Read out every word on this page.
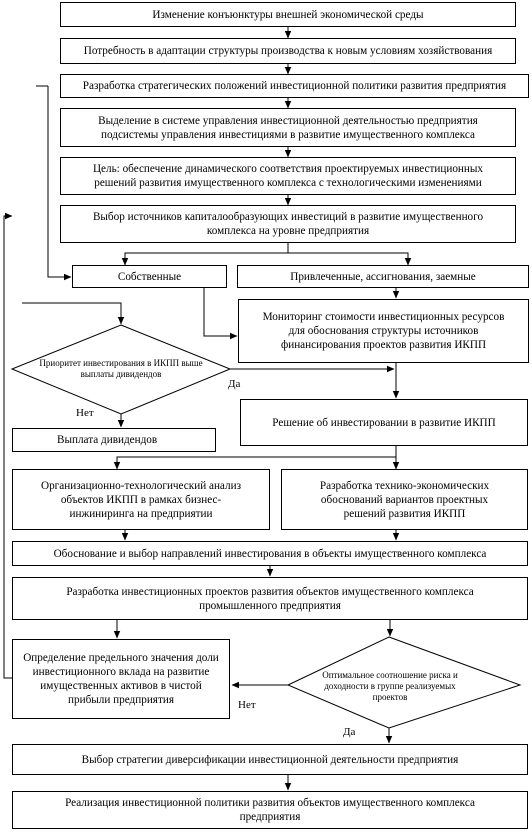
Изменение конъюнктуры внешней экономической среды
Потребность в адаптации структуры производства к новым условиям хозяйствования
Разработка стратегических положений инвестиционной политики развития предприятия
Выделение в системе управления инвестиционной деятельностью предприятия подсистемы управления инвестициями в развитие имущественного комплекса
Цель: обеспечение динамического соответствия проектируемых инвестиционных решений развития имущественного комплекса с технологическими изменениями
Выбор источников капиталообразующих инвестиций в развитие имущественного комплекса на уровне предприятия
Собственные	Привлеченные, ассигнования, заемные
Мониторинг стоимости инвестиционных ресурсов для обоснования структуры источников финансирования проектов развития ИКПП
Приоритет инвестирования в ИКПП выше выплаты дивидендов
Да
Нет
Решение об инвестировании в развитие ИКПП
Выплата дивидендов
Организационно-технологический анализ объектов ИКПП в рамках бизнес-инжиниринга на предприятии
Разработка технико-экономических обоснований вариантов проектных решений развития ИКПП
Обоснование и выбор направлений инвестирования в объекты имущественного комплекса
Разработка инвестиционных проектов развития объектов имущественного комплекса промышленного предприятия
Определение предельного значения доли инвестиционного вклада на развитие имущественных активов в чистой прибыли предприятия
Оптимальное соотношение риска и доходности в группе реализуемых проектов
Нет
Да
Выбор стратегии диверсификации инвестиционной деятельности предприятия
Реализация инвестиционной политики развития объектов имущественного комплекса предприятия
